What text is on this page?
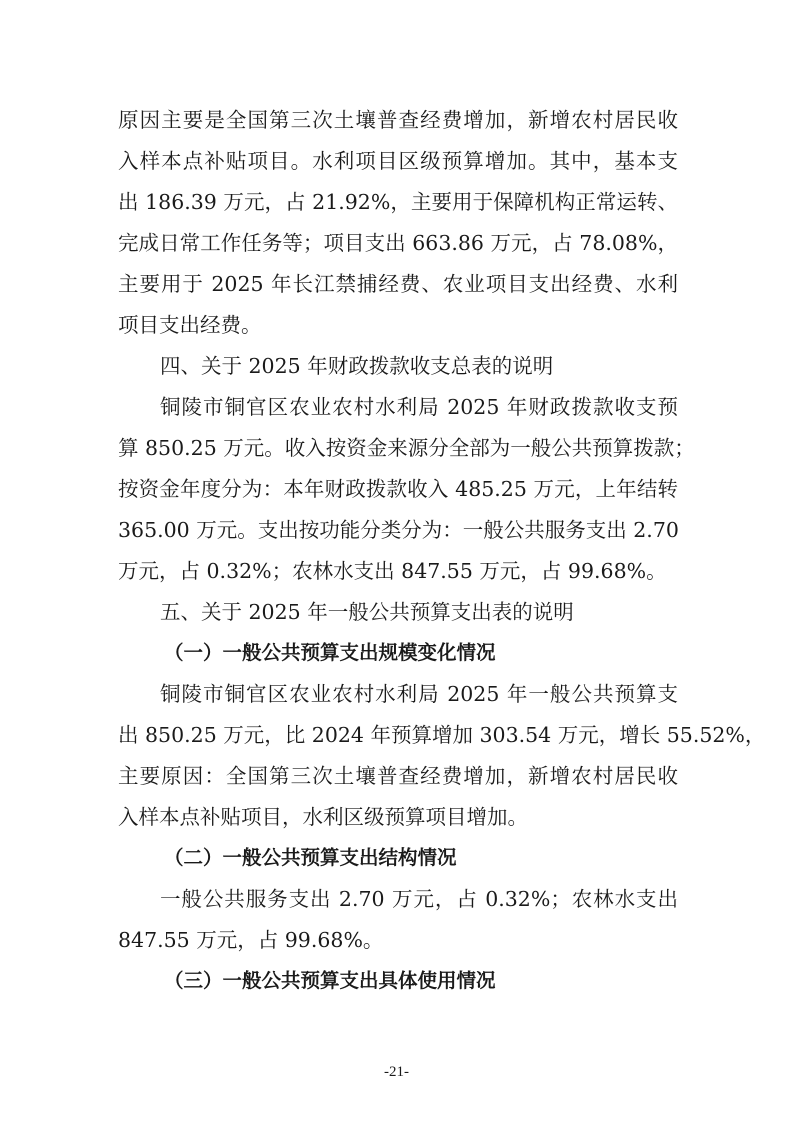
原因主要是全国第三次土壤普查经费增加，新增农村居民收
入样本点补贴项目。水利项目区级预算增加。其中，基本支
出 186.39 万元，占 21.92%，主要用于保障机构正常运转、
完成日常工作任务等；项目支出 663.86 万元，占 78.08%，
主要用于 2025 年长江禁捕经费、农业项目支出经费、水利
项目支出经费。
四、关于 2025 年财政拨款收支总表的说明
铜陵市铜官区农业农村水利局 2025 年财政拨款收支预
算 850.25 万元。收入按资金来源分全部为一般公共预算拨款；
按资金年度分为：本年财政拨款收入 485.25 万元，上年结转
365.00 万元。支出按功能分类分为：一般公共服务支出 2.70
万元，占 0.32%；农林水支出 847.55 万元，占 99.68%。
五、关于 2025 年一般公共预算支出表的说明
（一）一般公共预算支出规模变化情况
铜陵市铜官区农业农村水利局 2025 年一般公共预算支
出 850.25 万元，比 2024 年预算增加 303.54 万元，增长 55.52%，
主要原因：全国第三次土壤普查经费增加，新增农村居民收
入样本点补贴项目，水利区级预算项目增加。
（二）一般公共预算支出结构情况
一般公共服务支出 2.70 万元，占 0.32%；农林水支出
847.55 万元，占 99.68%。
（三）一般公共预算支出具体使用情况
-21-
